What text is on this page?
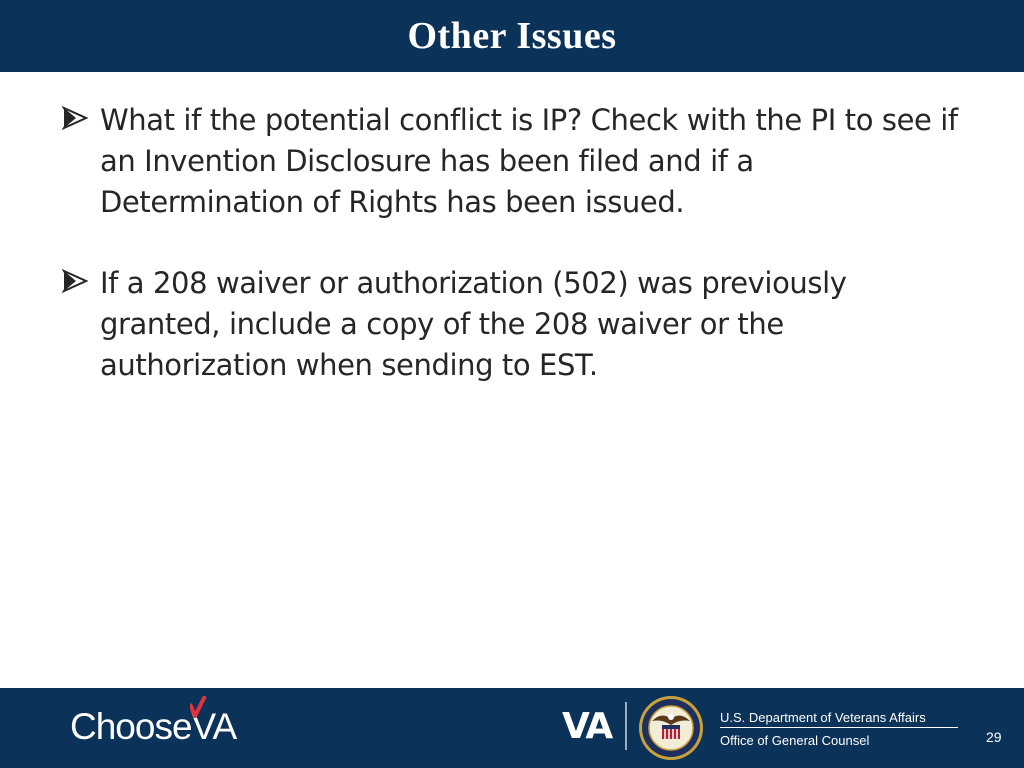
Other Issues
What if the potential conflict is IP? Check with the PI to see if an Invention Disclosure has been filed and if a Determination of Rights has been issued.
If a 208 waiver or authorization (502) was previously granted, include a copy of the 208 waiver or the authorization when sending to EST.
Choose VA	VA	U.S. Department of Veterans Affairs
Office of General Counsel	29
